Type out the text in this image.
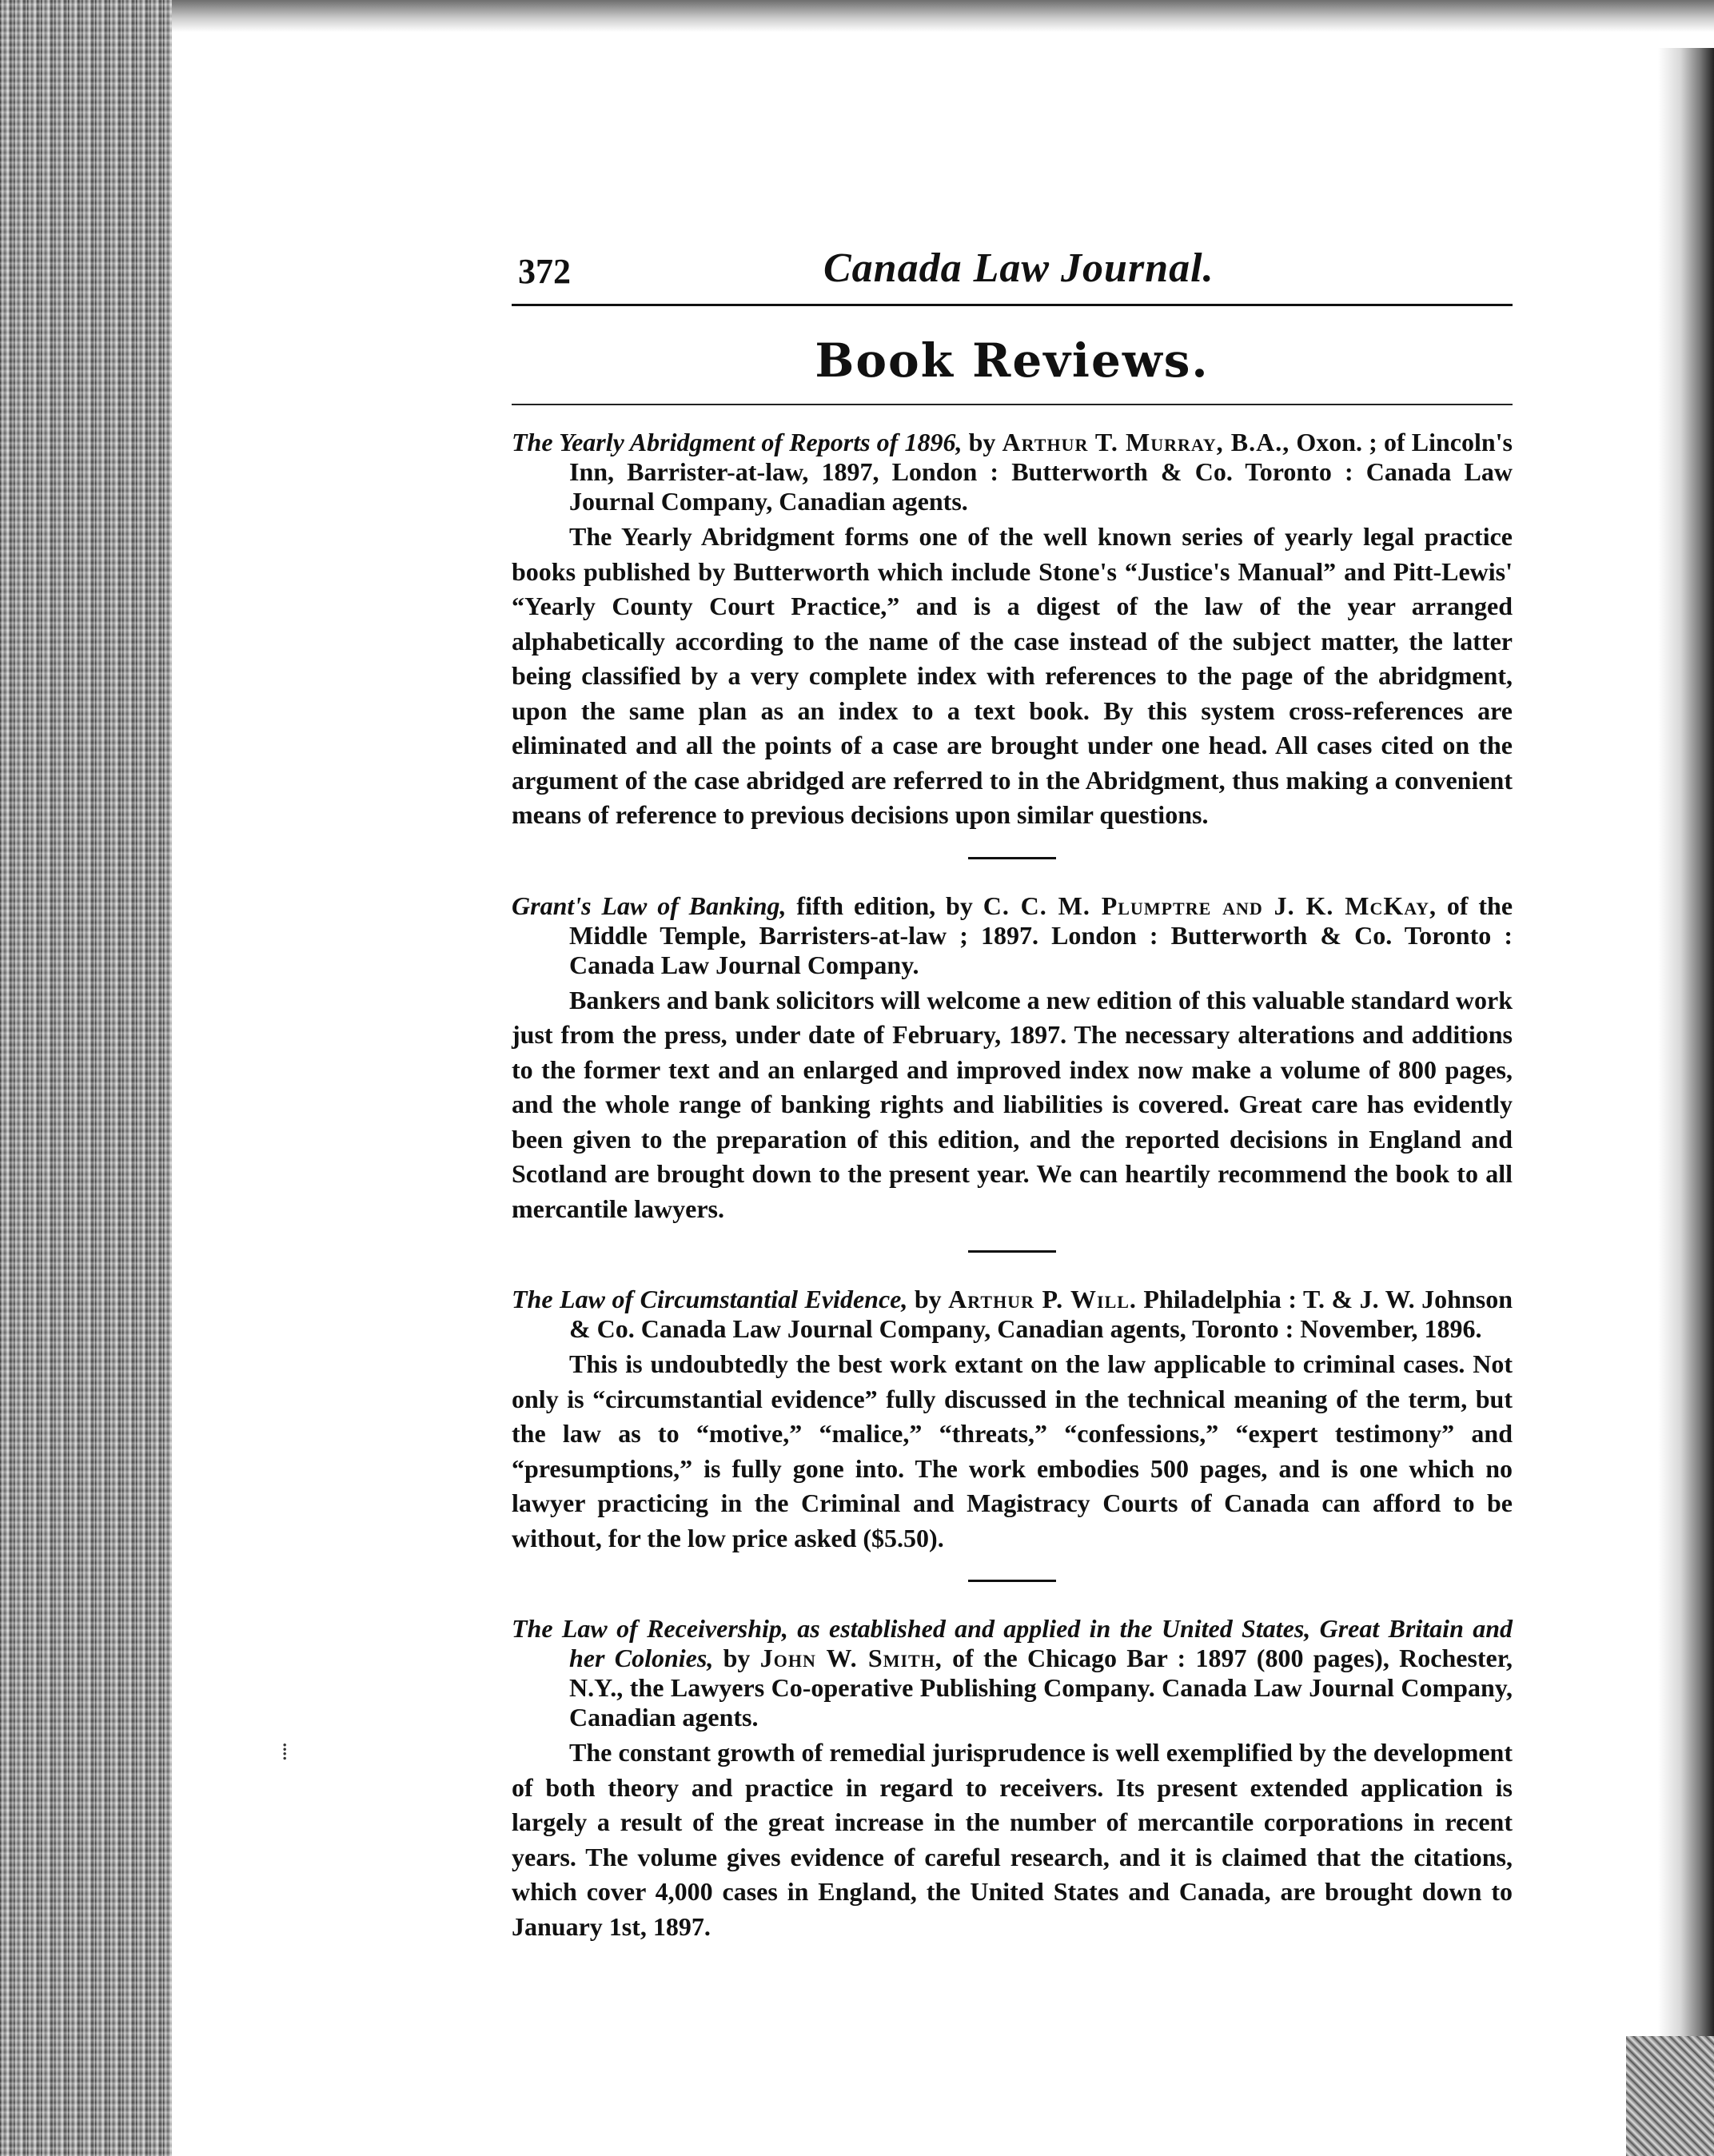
⁞
372	Canada Law Journal.
Book Reviews.
The Yearly Abridgment of Reports of 1896, by Arthur T. Murray, B.A., Oxon. ; of Lincoln's Inn, Barrister-at-law, 1897, London : Butterworth & Co. Toronto : Canada Law Journal Company, Canadian agents.
The Yearly Abridgment forms one of the well known series of yearly legal practice books published by Butterworth which include Stone's “Justice's Manual” and Pitt-Lewis' “Yearly County Court Practice,” and is a digest of the law of the year arranged alphabetically according to the name of the case instead of the subject matter, the latter being classified by a very complete index with references to the page of the abridgment, upon the same plan as an index to a text book. By this system cross-references are eliminated and all the points of a case are brought under one head. All cases cited on the argument of the case abridged are referred to in the Abridgment, thus making a convenient means of reference to previous decisions upon similar questions.
Grant's Law of Banking, fifth edition, by C. C. M. Plumptre and J. K. McKay, of the Middle Temple, Barristers-at-law ; 1897. London : Butterworth & Co. Toronto : Canada Law Journal Company.
Bankers and bank solicitors will welcome a new edition of this valuable standard work just from the press, under date of February, 1897. The necessary alterations and additions to the former text and an enlarged and improved index now make a volume of 800 pages, and the whole range of banking rights and liabilities is covered. Great care has evidently been given to the preparation of this edition, and the reported decisions in England and Scotland are brought down to the present year. We can heartily recommend the book to all mercantile lawyers.
The Law of Circumstantial Evidence, by Arthur P. Will. Philadelphia : T. & J. W. Johnson & Co. Canada Law Journal Company, Canadian agents, Toronto : November, 1896.
This is undoubtedly the best work extant on the law applicable to criminal cases. Not only is “circumstantial evidence” fully discussed in the technical meaning of the term, but the law as to “motive,” “malice,” “threats,” “confessions,” “expert testimony” and “presumptions,” is fully gone into. The work embodies 500 pages, and is one which no lawyer practicing in the Criminal and Magistracy Courts of Canada can afford to be without, for the low price asked ($5.50).
The Law of Receivership, as established and applied in the United States, Great Britain and her Colonies, by John W. Smith, of the Chicago Bar : 1897 (800 pages), Rochester, N.Y., the Lawyers Co-operative Publishing Company. Canada Law Journal Company, Canadian agents.
The constant growth of remedial jurisprudence is well exemplified by the development of both theory and practice in regard to receivers. Its present extended application is largely a result of the great increase in the number of mercantile corporations in recent years. The volume gives evidence of careful research, and it is claimed that the citations, which cover 4,000 cases in England, the United States and Canada, are brought down to January 1st, 1897.
